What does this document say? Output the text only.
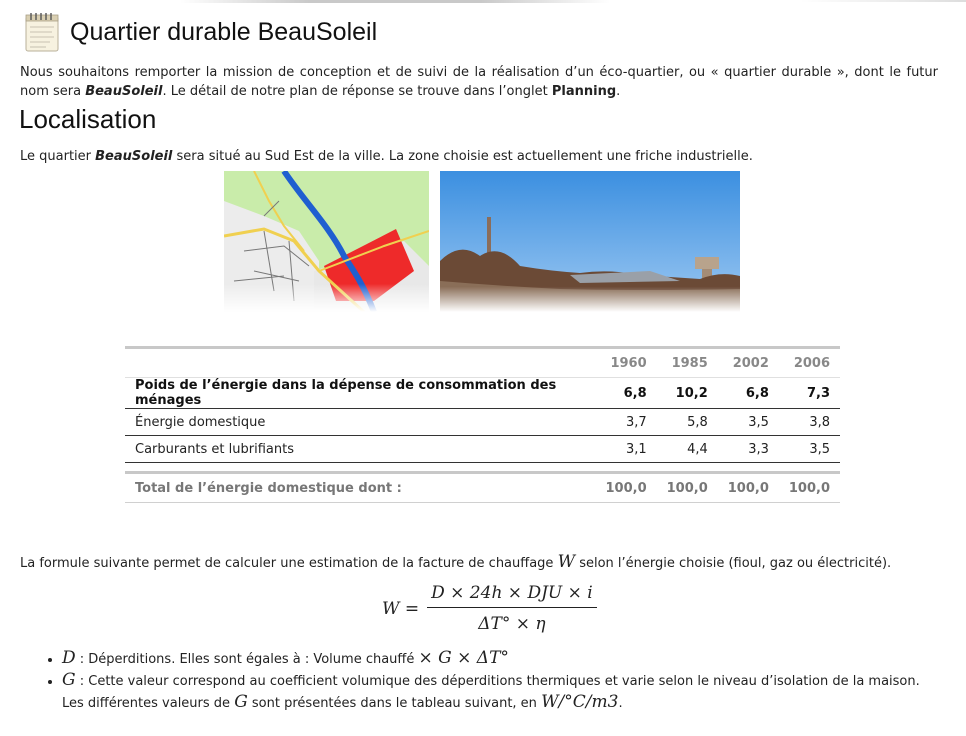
Quartier durable BeauSoleil
Nous souhaitons remporter la mission de conception et de suivi de la réalisation d’un éco-quartier, ou « quartier durable », dont le futur nom sera BeauSoleil. Le détail de notre plan de réponse se trouve dans l’onglet Planning.
Localisation
Le quartier BeauSoleil sera situé au Sud Est de la ville. La zone choisie est actuellement une friche industrielle.
	1960	1985	2002	2006
Poids de l’énergie dans la dépense de consommation des ménages	6,8	10,2	6,8	7,3
Énergie domestique	3,7	5,8	3,5	3,8
Carburants et lubrifiants	3,1	4,4	3,3	3,5

Total de l’énergie domestique dont :	100,0	100,0	100,0	100,0
La formule suivante permet de calculer une estimation de la facture de chauffage W selon l’énergie choisie (fioul, gaz ou électricité).
$W = \frac{\text{D × 24h × DJU × i}}{\Delta T^\circ \times \eta}$
• D : Déperditions. Elles sont égales à : Volume chauffé × G × ΔT°
• G : Cette valeur correspond au coefficient volumique des déperditions thermiques et varie selon le niveau d’isolation de la maison. Les différentes valeurs de G sont présentées dans le tableau suivant, en W/°C/m3.
